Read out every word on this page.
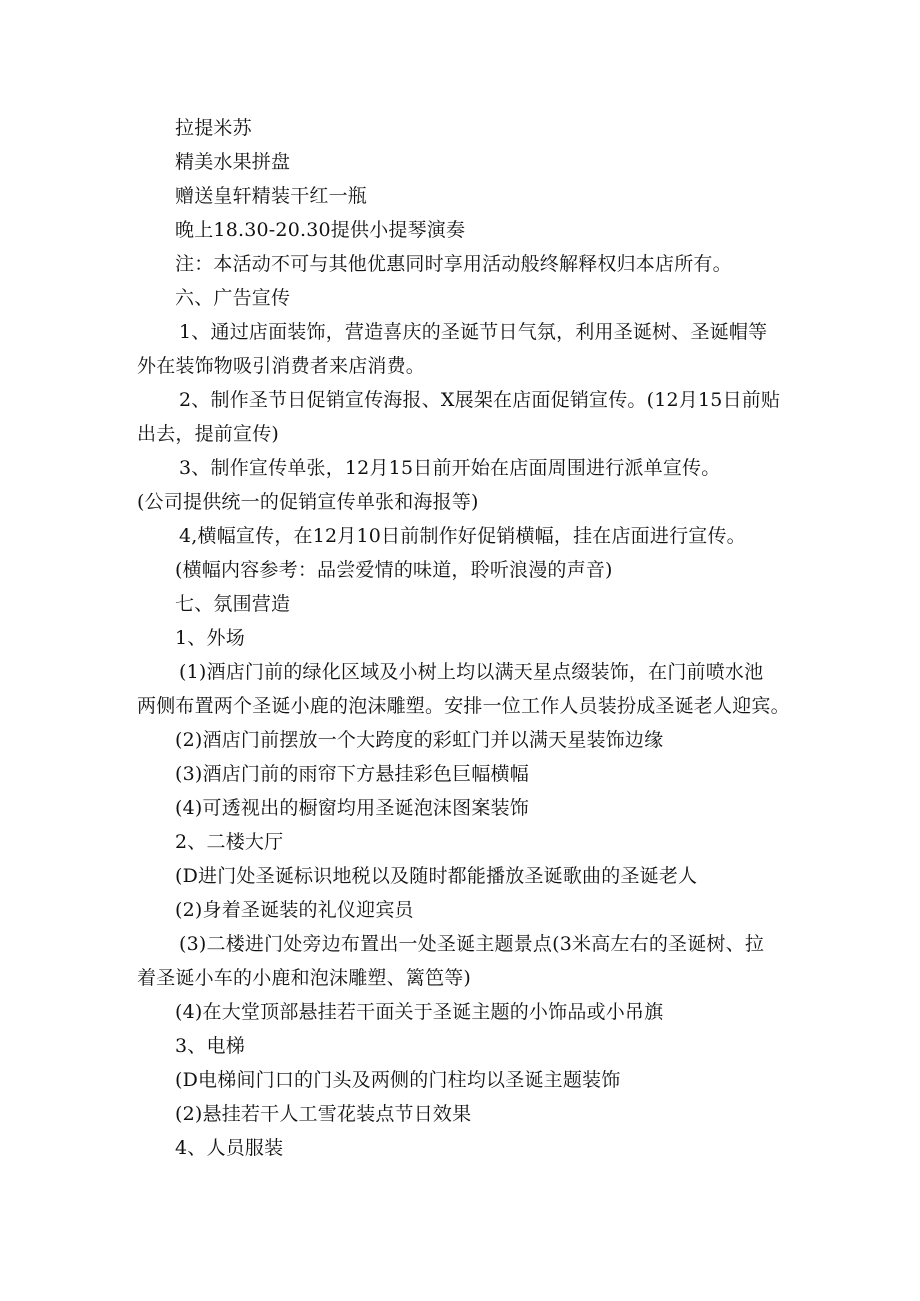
拉提米苏
精美水果拼盘
赠送皇轩精装干红一瓶
晚上18.30-20.30提供小提琴演奏
注：本活动不可与其他优惠同时享用活动般终解释权归本店所有。
六、广告宣传
1、通过店面装饰，营造喜庆的圣诞节日气氛，利用圣诞树、圣诞帽等
外在装饰物吸引消费者来店消费。
2、制作圣节日促销宣传海报、X展架在店面促销宣传。(12月15日前贴
出去，提前宣传)
3、制作宣传单张，12月15日前开始在店面周围进行派单宣传。
(公司提供统一的促销宣传单张和海报等)
4,横幅宣传，在12月10日前制作好促销横幅，挂在店面进行宣传。
(横幅内容参考：品尝爱情的味道，聆听浪漫的声音)
七、氛围营造
1、外场
(1)酒店门前的绿化区域及小树上均以满天星点缀装饰，在门前喷水池
两侧布置两个圣诞小鹿的泡沫雕塑。安排一位工作人员装扮成圣诞老人迎宾。
(2)酒店门前摆放一个大跨度的彩虹门并以满天星装饰边缘
(3)酒店门前的雨帘下方悬挂彩色巨幅横幅
(4)可透视出的橱窗均用圣诞泡沫图案装饰
2、二楼大厅
(D进门处圣诞标识地税以及随时都能播放圣诞歌曲的圣诞老人
(2)身着圣诞装的礼仪迎宾员
(3)二楼进门处旁边布置出一处圣诞主题景点(3米高左右的圣诞树、拉
着圣诞小车的小鹿和泡沫雕塑、篱笆等)
(4)在大堂顶部悬挂若干面关于圣诞主题的小饰品或小吊旗
3、电梯
(D电梯间门口的门头及两侧的门柱均以圣诞主题装饰
(2)悬挂若干人工雪花装点节日效果
4、人员服装
